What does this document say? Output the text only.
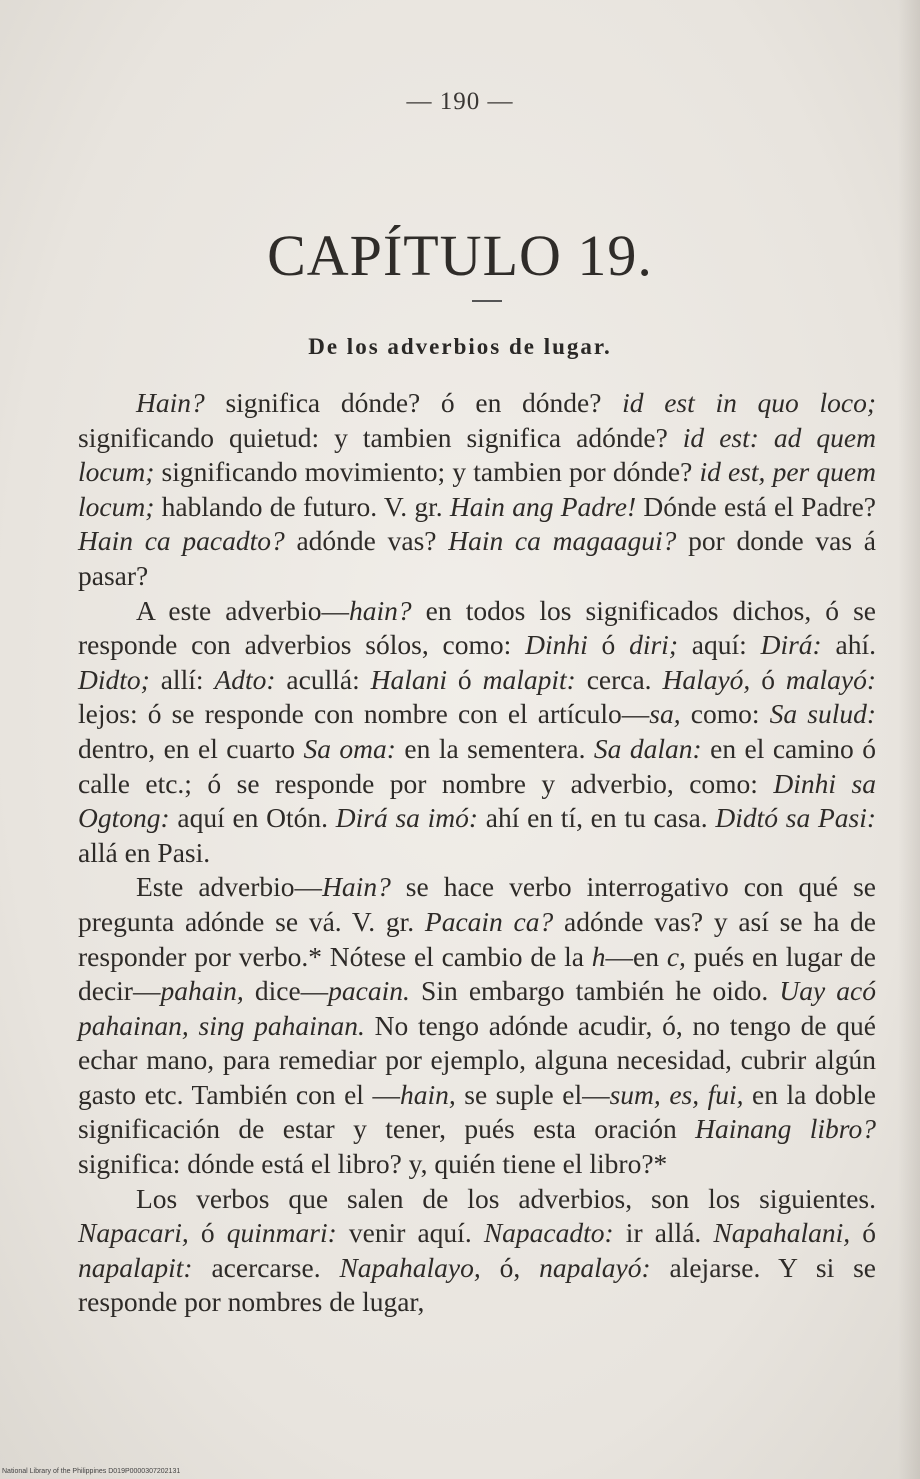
— 190 —
CAPÍTULO 19.
De los adverbios de lugar.

Hain? significa dónde? ó en dónde? id est in quo loco; significando quietud: y tambien significa adónde? id est: ad quem locum; significando movimiento; y tambien por dónde? id est, per quem locum; hablando de futuro. V. gr. Hain ang Padre! Dónde está el Padre? Hain ca pacadto? adónde vas? Hain ca magaagui? por donde vas á pasar?

A este adverbio—hain? en todos los significados dichos, ó se responde con adverbios sólos, como: Dinhi ó diri; aquí: Dirá: ahí. Didto; allí: Adto: acullá: Halani ó malapit: cerca. Halayó, ó malayó: lejos: ó se responde con nombre con el artículo—sa, como: Sa sulud: dentro, en el cuarto Sa oma: en la sementera. Sa dalan: en el camino ó calle etc.; ó se responde por nombre y adverbio, como: Dinhi sa Ogtong: aquí en Otón. Dirá sa imó: ahí en tí, en tu casa. Didtó sa Pasi: allá en Pasi.

Este adverbio—Hain? se hace verbo interrogativo con qué se pregunta adónde se vá. V. gr. Pacain ca? adónde vas? y así se ha de responder por verbo.* Nótese el cambio de la h—en c, pués en lugar de decir—pahain, dice—pacain. Sin embargo también he oido. Uay acó pahainan, sing pahainan. No tengo adónde acudir, ó, no tengo de qué echar mano, para remediar por ejemplo, alguna necesidad, cubrir algún gasto etc. También con el —hain, se suple el—sum, es, fui, en la doble significación de estar y tener, pués esta oración Hainang libro? significa: dónde está el libro? y, quién tiene el libro?*

Los verbos que salen de los adverbios, son los siguientes. Napacari, ó quinmari: venir aquí. Napacadto: ir allá. Napahalani, ó napalapit: acercarse. Napahalayo, ó, napalayó: alejarse. Y si se responde por nombres de lugar,

National Library of the Philippines D019P0000307202131
